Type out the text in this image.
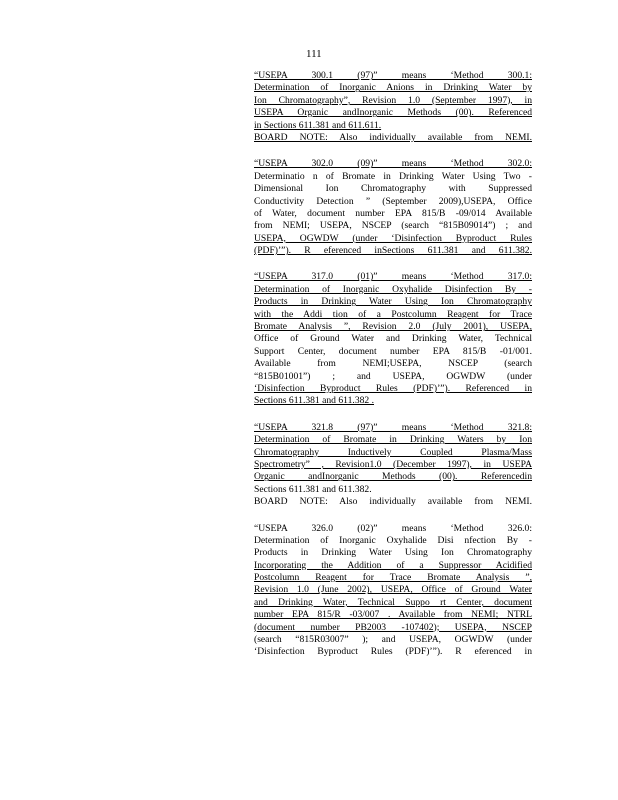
111
“USEPA 300.1 (97)” means ‘Method 300.1:
Determination of Inorganic Anions in Drinking Water by
Ion Chromatography”, Revision 1.0 (September 1997), in
USEPA Organic andInorganic Methods (00). Referenced
in Sections 611.381 and 611.611.
BOARD NOTE: Also individually available from NEMI.
“USEPA 302.0 (09)” means ‘Method 302.0:
Determinatio n of Bromate in Drinking Water Using Two -
Dimensional Ion Chromatography with Suppressed
Conductivity Detection ” (September 2009),USEPA, Office
of Water, document number EPA 815/B -09/014 Available
from NEMI; USEPA, NSCEP (search “815B09014”) ; and
USEPA, OGWDW (under ‘Disinfection Byproduct Rules
(PDF)’”). R eferenced inSections 611.381 and 611.382.
“USEPA 317.0 (01)” means ‘Method 317.0:
Determination of Inorganic Oxyhalide Disinfection By -
Products in Drinking Water Using Ion Chromatography
with the Addi tion of a Postcolumn Reagent for Trace
Bromate Analysis ”, Revision 2.0 (July 2001), USEPA,
Office of Ground Water and Drinking Water, Technical
Support Center, document number EPA 815/B -01/001.
Available from NEMI;USEPA, NSCEP (search
“815B01001”) ; and USEPA, OGWDW (under
‘Disinfection Byproduct Rules (PDF)’”). Referenced in
Sections 611.381 and 611.382 .
“USEPA 321.8 (97)” means ‘Method 321.8:
Determination of Bromate in Drinking Waters by Ion
Chromatography Inductively Coupled Plasma/Mass
Spectrometry” , Revision1.0 (December 1997), in USEPA
Organic andInorganic Methods (00). Referencedin
Sections 611.381 and 611.382.
BOARD NOTE: Also individually available from NEMI.
“USEPA 326.0 (02)” means ‘Method 326.0:
Determination of Inorganic Oxyhalide Disi nfection By -
Products in Drinking Water Using Ion Chromatography
Incorporating the Addition of a Suppressor Acidified
Postcolumn Reagent for Trace Bromate Analysis ”,
Revision 1.0 (June 2002), USEPA, Office of Ground Water
and Drinking Water, Technical Suppo rt Center, document
number EPA 815/R -03/007 . Available from NEMI; NTRL
(document number PB2003 -107402); USEPA, NSCEP
(search “815R03007” ); and USEPA, OGWDW (under
‘Disinfection Byproduct Rules (PDF)’”). R eferenced in
